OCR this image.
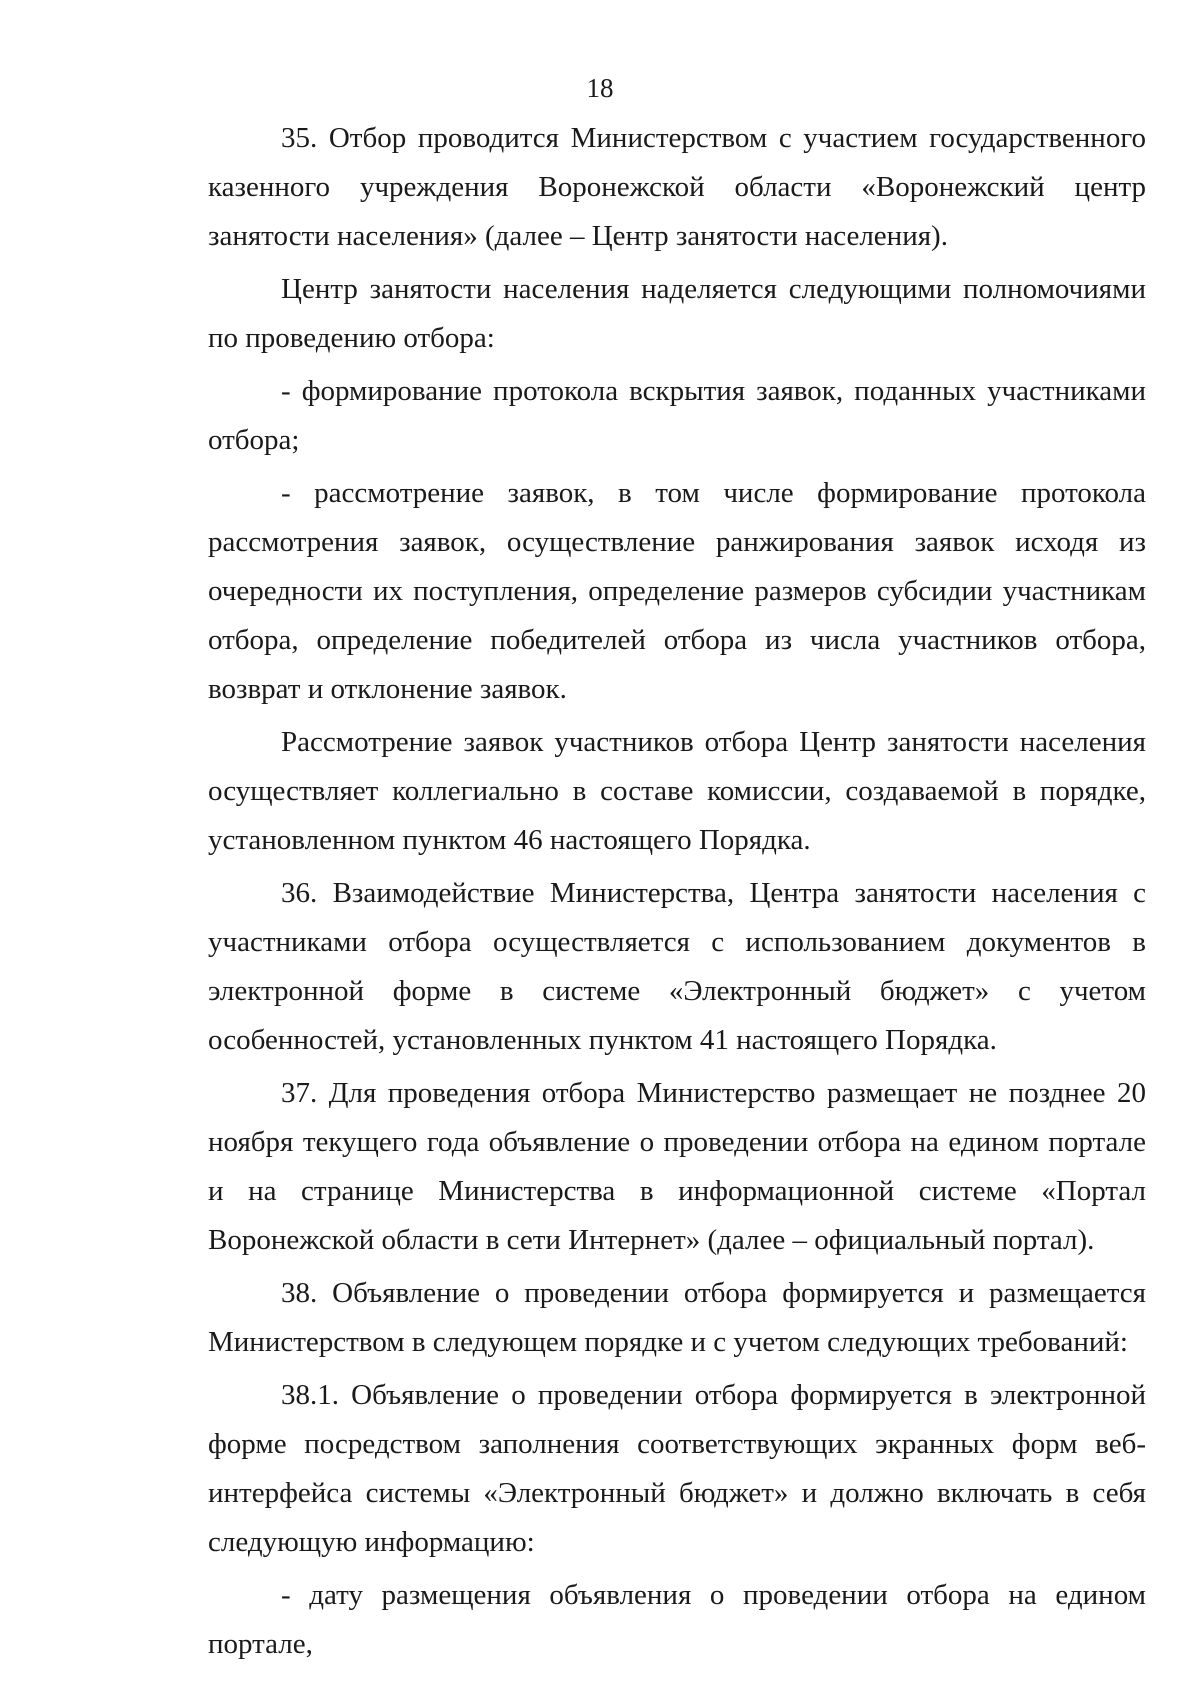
18

35. Отбор проводится Министерством с участием государственного казенного учреждения Воронежской области «Воронежский центр занятости населения» (далее – Центр занятости населения).

Центр занятости населения наделяется следующими полномочиями по проведению отбора:

- формирование протокола вскрытия заявок, поданных участниками отбора;

- рассмотрение заявок, в том числе формирование протокола рассмотрения заявок, осуществление ранжирования заявок исходя из очередности их поступления, определение размеров субсидии участникам отбора, определение победителей отбора из числа участников отбора, возврат и отклонение заявок.

Рассмотрение заявок участников отбора Центр занятости населения осуществляет коллегиально в составе комиссии, создаваемой в порядке, установленном пунктом 46 настоящего Порядка.

36. Взаимодействие Министерства, Центра занятости населения с участниками отбора осуществляется с использованием документов в электронной форме в системе «Электронный бюджет» с учетом особенностей, установленных пунктом 41 настоящего Порядка.

37. Для проведения отбора Министерство размещает не позднее 20 ноября текущего года объявление о проведении отбора на едином портале и на странице Министерства в информационной системе «Портал Воронежской области в сети Интернет» (далее – официальный портал).

38. Объявление о проведении отбора формируется и размещается Министерством в следующем порядке и с учетом следующих требований:

38.1. Объявление о проведении отбора формируется в электронной форме посредством заполнения соответствующих экранных форм веб-интерфейса системы «Электронный бюджет» и должно включать в себя следующую информацию:

- дату размещения объявления о проведении отбора на едином портале,
